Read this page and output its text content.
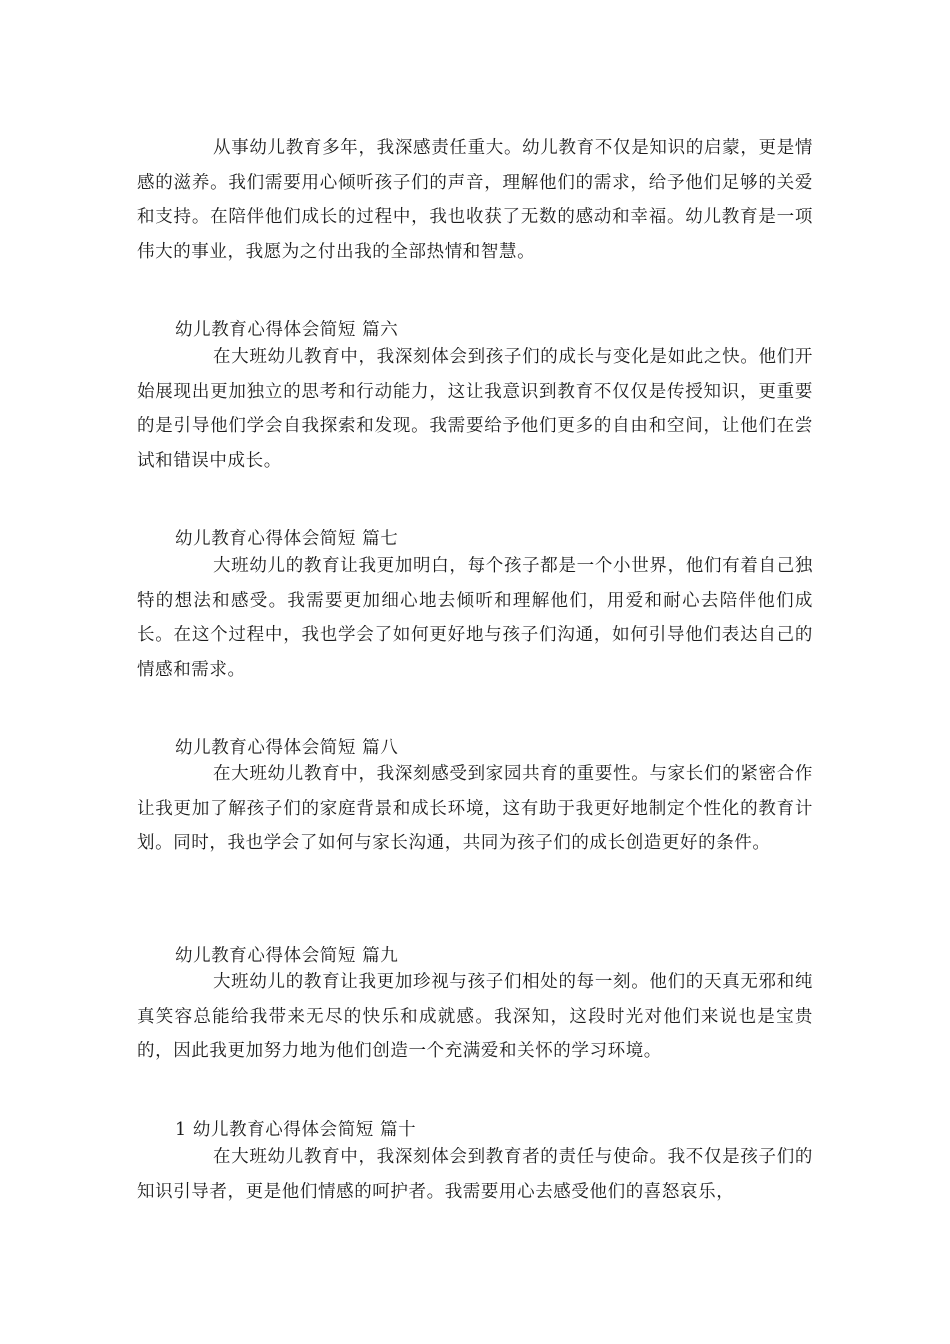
从事幼儿教育多年，我深感责任重大。幼儿教育不仅是知识的启蒙，更是情感的滋养。我们需要用心倾听孩子们的声音，理解他们的需求，给予他们足够的关爱和支持。在陪伴他们成长的过程中，我也收获了无数的感动和幸福。幼儿教育是一项伟大的事业，我愿为之付出我的全部热情和智慧。

幼儿教育心得体会简短 篇六

在大班幼儿教育中，我深刻体会到孩子们的成长与变化是如此之快。他们开始展现出更加独立的思考和行动能力，这让我意识到教育不仅仅是传授知识，更重要的是引导他们学会自我探索和发现。我需要给予他们更多的自由和空间，让他们在尝试和错误中成长。

幼儿教育心得体会简短 篇七

大班幼儿的教育让我更加明白，每个孩子都是一个小世界，他们有着自己独特的想法和感受。我需要更加细心地去倾听和理解他们，用爱和耐心去陪伴他们成长。在这个过程中，我也学会了如何更好地与孩子们沟通，如何引导他们表达自己的情感和需求。

幼儿教育心得体会简短 篇八

在大班幼儿教育中，我深刻感受到家园共育的重要性。与家长们的紧密合作让我更加了解孩子们的家庭背景和成长环境，这有助于我更好地制定个性化的教育计划。同时，我也学会了如何与家长沟通，共同为孩子们的成长创造更好的条件。

幼儿教育心得体会简短 篇九

大班幼儿的教育让我更加珍视与孩子们相处的每一刻。他们的天真无邪和纯真笑容总能给我带来无尽的快乐和成就感。我深知，这段时光对他们来说也是宝贵的，因此我更加努力地为他们创造一个充满爱和关怀的学习环境。

1 幼儿教育心得体会简短 篇十

在大班幼儿教育中，我深刻体会到教育者的责任与使命。我不仅是孩子们的知识引导者，更是他们情感的呵护者。我需要用心去感受他们的喜怒哀乐，
